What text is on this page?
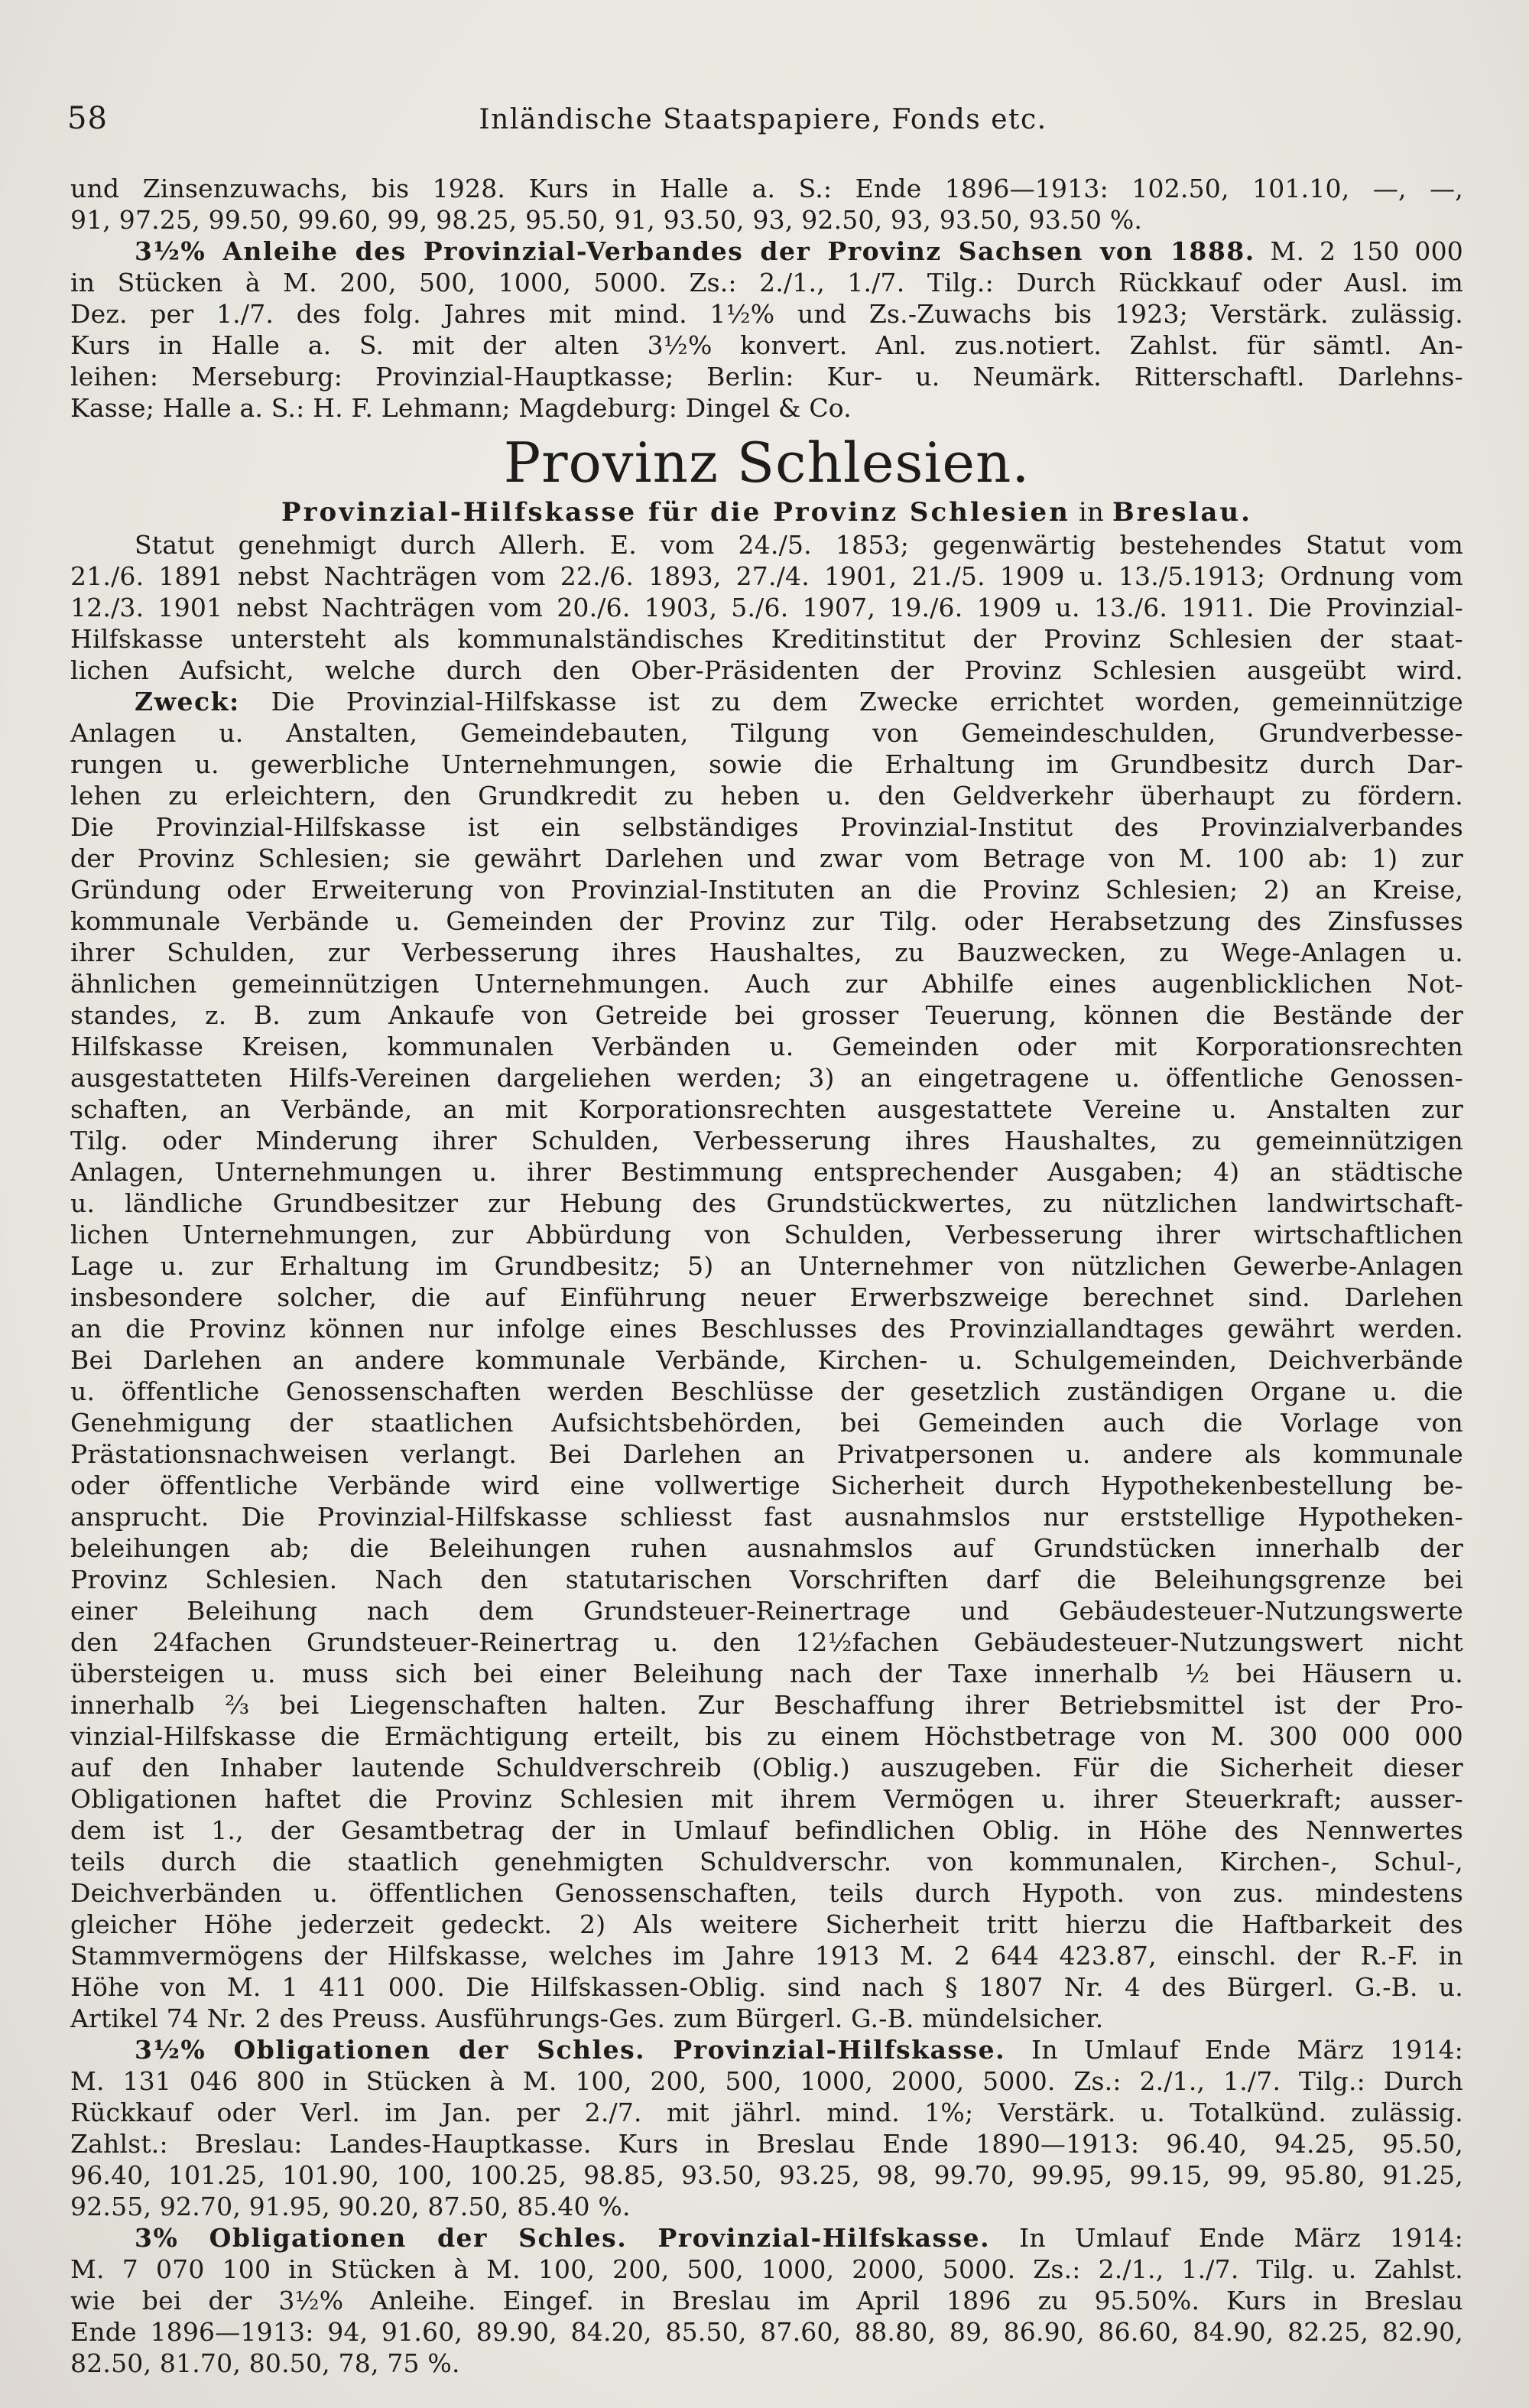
58	Inländische Staatspapiere, Fonds etc.
und Zinsenzuwachs, bis 1928. Kurs in Halle a. S.: Ende 1896—1913: 102.50, 101.10, —, —,
91, 97.25, 99.50, 99.60, 99, 98.25, 95.50, 91, 93.50, 93, 92.50, 93, 93.50, 93.50 %.
3½% Anleihe des Provinzial-Verbandes der Provinz Sachsen von 1888. M. 2 150 000
in Stücken à M. 200, 500, 1000, 5000. Zs.: 2./1., 1./7. Tilg.: Durch Rückkauf oder Ausl. im
Dez. per 1./7. des folg. Jahres mit mind. 1½% und Zs.-Zuwachs bis 1923; Verstärk. zulässig.
Kurs in Halle a. S. mit der alten 3½% konvert. Anl. zus.notiert. Zahlst. für sämtl. An-
leihen: Merseburg: Provinzial-Hauptkasse; Berlin: Kur- u. Neumärk. Ritterschaftl. Darlehns-
Kasse; Halle a. S.: H. F. Lehmann; Magdeburg: Dingel & Co.
Provinz Schlesien.
Provinzial-Hilfskasse für die Provinz Schlesien in Breslau.
Statut genehmigt durch Allerh. E. vom 24./5. 1853; gegenwärtig bestehendes Statut vom
21./6. 1891 nebst Nachträgen vom 22./6. 1893, 27./4. 1901, 21./5. 1909 u. 13./5.1913; Ordnung vom
12./3. 1901 nebst Nachträgen vom 20./6. 1903, 5./6. 1907, 19./6. 1909 u. 13./6. 1911. Die Provinzial-
Hilfskasse untersteht als kommunalständisches Kreditinstitut der Provinz Schlesien der staat-
lichen Aufsicht, welche durch den Ober-Präsidenten der Provinz Schlesien ausgeübt wird.
Zweck: Die Provinzial-Hilfskasse ist zu dem Zwecke errichtet worden, gemeinnützige
Anlagen u. Anstalten, Gemeindebauten, Tilgung von Gemeindeschulden, Grundverbesse-
rungen u. gewerbliche Unternehmungen, sowie die Erhaltung im Grundbesitz durch Dar-
lehen zu erleichtern, den Grundkredit zu heben u. den Geldverkehr überhaupt zu fördern.
Die Provinzial-Hilfskasse ist ein selbständiges Provinzial-Institut des Provinzialverbandes
der Provinz Schlesien; sie gewährt Darlehen und zwar vom Betrage von M. 100 ab: 1) zur
Gründung oder Erweiterung von Provinzial-Instituten an die Provinz Schlesien; 2) an Kreise,
kommunale Verbände u. Gemeinden der Provinz zur Tilg. oder Herabsetzung des Zinsfusses
ihrer Schulden, zur Verbesserung ihres Haushaltes, zu Bauzwecken, zu Wege-Anlagen u.
ähnlichen gemeinnützigen Unternehmungen. Auch zur Abhilfe eines augenblicklichen Not-
standes, z. B. zum Ankaufe von Getreide bei grosser Teuerung, können die Bestände der
Hilfskasse Kreisen, kommunalen Verbänden u. Gemeinden oder mit Korporationsrechten
ausgestatteten Hilfs-Vereinen dargeliehen werden; 3) an eingetragene u. öffentliche Genossen-
schaften, an Verbände, an mit Korporationsrechten ausgestattete Vereine u. Anstalten zur
Tilg. oder Minderung ihrer Schulden, Verbesserung ihres Haushaltes, zu gemeinnützigen
Anlagen, Unternehmungen u. ihrer Bestimmung entsprechender Ausgaben; 4) an städtische
u. ländliche Grundbesitzer zur Hebung des Grundstückwertes, zu nützlichen landwirtschaft-
lichen Unternehmungen, zur Abbürdung von Schulden, Verbesserung ihrer wirtschaftlichen
Lage u. zur Erhaltung im Grundbesitz; 5) an Unternehmer von nützlichen Gewerbe-Anlagen
insbesondere solcher, die auf Einführung neuer Erwerbszweige berechnet sind. Darlehen
an die Provinz können nur infolge eines Beschlusses des Provinziallandtages gewährt werden.
Bei Darlehen an andere kommunale Verbände, Kirchen- u. Schulgemeinden, Deichverbände
u. öffentliche Genossenschaften werden Beschlüsse der gesetzlich zuständigen Organe u. die
Genehmigung der staatlichen Aufsichtsbehörden, bei Gemeinden auch die Vorlage von
Prästationsnachweisen verlangt. Bei Darlehen an Privatpersonen u. andere als kommunale
oder öffentliche Verbände wird eine vollwertige Sicherheit durch Hypothekenbestellung be-
ansprucht. Die Provinzial-Hilfskasse schliesst fast ausnahmslos nur erststellige Hypotheken-
beleihungen ab; die Beleihungen ruhen ausnahmslos auf Grundstücken innerhalb der
Provinz Schlesien. Nach den statutarischen Vorschriften darf die Beleihungsgrenze bei
einer Beleihung nach dem Grundsteuer-Reinertrage und Gebäudesteuer-Nutzungswerte
den 24fachen Grundsteuer-Reinertrag u. den 12½fachen Gebäudesteuer-Nutzungswert nicht
übersteigen u. muss sich bei einer Beleihung nach der Taxe innerhalb ½ bei Häusern u.
innerhalb ⅔ bei Liegenschaften halten. Zur Beschaffung ihrer Betriebsmittel ist der Pro-
vinzial-Hilfskasse die Ermächtigung erteilt, bis zu einem Höchstbetrage von M. 300 000 000
auf den Inhaber lautende Schuldverschreib (Oblig.) auszugeben. Für die Sicherheit dieser
Obligationen haftet die Provinz Schlesien mit ihrem Vermögen u. ihrer Steuerkraft; ausser-
dem ist 1., der Gesamtbetrag der in Umlauf befindlichen Oblig. in Höhe des Nennwertes
teils durch die staatlich genehmigten Schuldverschr. von kommunalen, Kirchen-, Schul-,
Deichverbänden u. öffentlichen Genossenschaften, teils durch Hypoth. von zus. mindestens
gleicher Höhe jederzeit gedeckt. 2) Als weitere Sicherheit tritt hierzu die Haftbarkeit des
Stammvermögens der Hilfskasse, welches im Jahre 1913 M. 2 644 423.87, einschl. der R.-F. in
Höhe von M. 1 411 000. Die Hilfskassen-Oblig. sind nach § 1807 Nr. 4 des Bürgerl. G.-B. u.
Artikel 74 Nr. 2 des Preuss. Ausführungs-Ges. zum Bürgerl. G.-B. mündelsicher.
3½% Obligationen der Schles. Provinzial-Hilfskasse. In Umlauf Ende März 1914:
M. 131 046 800 in Stücken à M. 100, 200, 500, 1000, 2000, 5000. Zs.: 2./1., 1./7. Tilg.: Durch
Rückkauf oder Verl. im Jan. per 2./7. mit jährl. mind. 1%; Verstärk. u. Totalkünd. zulässig.
Zahlst.: Breslau: Landes-Hauptkasse. Kurs in Breslau Ende 1890—1913: 96.40, 94.25, 95.50,
96.40, 101.25, 101.90, 100, 100.25, 98.85, 93.50, 93.25, 98, 99.70, 99.95, 99.15, 99, 95.80, 91.25,
92.55, 92.70, 91.95, 90.20, 87.50, 85.40 %.
3% Obligationen der Schles. Provinzial-Hilfskasse. In Umlauf Ende März 1914:
M. 7 070 100 in Stücken à M. 100, 200, 500, 1000, 2000, 5000. Zs.: 2./1., 1./7. Tilg. u. Zahlst.
wie bei der 3½% Anleihe. Eingef. in Breslau im April 1896 zu 95.50%. Kurs in Breslau
Ende 1896—1913: 94, 91.60, 89.90, 84.20, 85.50, 87.60, 88.80, 89, 86.90, 86.60, 84.90, 82.25, 82.90,
82.50, 81.70, 80.50, 78, 75 %.
